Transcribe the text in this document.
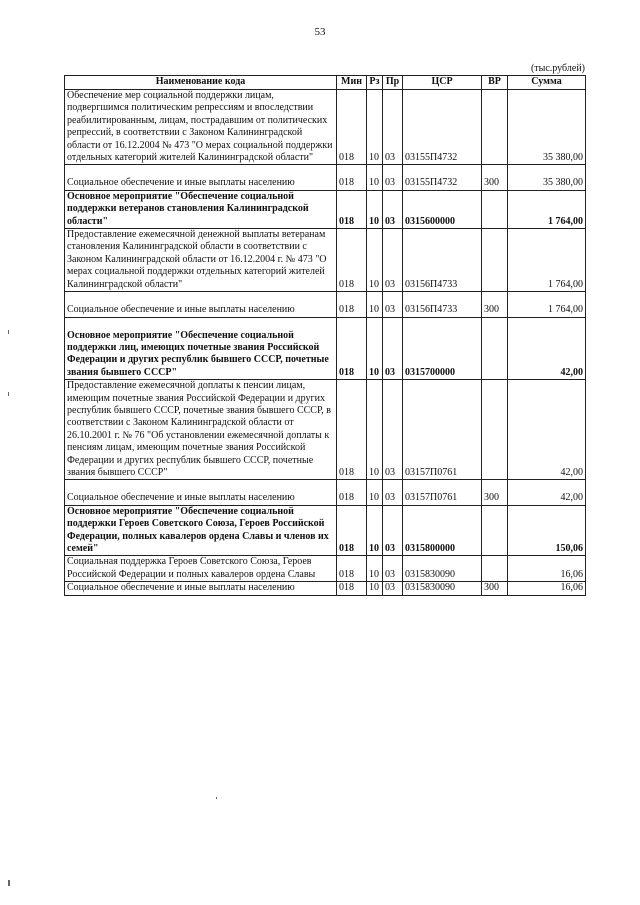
53
(тыс.рублей)
Наименование кода	Мин	Рз	Пр	ЦСР	ВР	Сумма
Обеспечение мер социальной поддержки лицам, подвергшимся политическим репрессиям и впоследствии реабилитированным, лицам, пострадавшим от политических репрессий, в соответствии с Законом Калининградской области от 16.12.2004 № 473 "О мерах социальной поддержки отдельных категорий жителей Калининградской области"	018	10	03	03155П4732		35 380,00

Социальное обеспечение и иные выплаты населению	018	10	03	03155П4732	300	35 380,00
Основное мероприятие "Обеспечение социальной поддержки ветеранов становления Калининградской области"	018	10	03	0315600000		1 764,00
Предоставление ежемесячной денежной выплаты ветеранам становления Калининградской области в соответствии с Законом Калининградской области от 16.12.2004 г. № 473 "О мерах социальной поддержки отдельных категорий жителей Калининградской области"	018	10	03	03156П4733		1 764,00

Социальное обеспечение и иные выплаты населению	018	10	03	03156П4733	300	1 764,00

Основное мероприятие "Обеспечение социальной поддержки лиц, имеющих почетные звания Российской Федерации и других республик бывшего СССР, почетные звания бывшего СССР"	018	10	03	0315700000		42,00
Предоставление ежемесячной доплаты к пенсии лицам, имеющим почетные звания Российской Федерации и других республик бывшего СССР, почетные звания бывшего СССР, в соответствии с Законом Калининградской области от 26.10.2001 г. № 76 "Об установлении ежемесячной доплаты к пенсиям лицам, имеющим почетные звания Российской Федерации и других республик бывшего СССР, почетные звания бывшего СССР"	018	10	03	03157П0761		42,00

Социальное обеспечение и иные выплаты населению	018	10	03	03157П0761	300	42,00
Основное мероприятие "Обеспечение социальной поддержки Героев Советского Союза, Героев Российской Федерации, полных кавалеров ордена Славы и членов их семей"	018	10	03	0315800000		150,06
Социальная поддержка Героев Советского Союза, Героев Российской Федерации и полных кавалеров ордена Славы	018	10	03	0315830090		16,06
Социальное обеспечение и иные выплаты населению	018	10	03	0315830090	300	16,06
